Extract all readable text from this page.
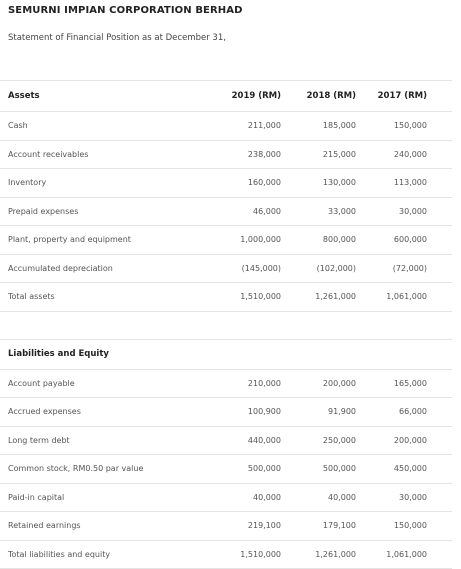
SEMURNI IMPIAN CORPORATION BERHAD
Statement of Financial Position as at December 31,
Assets	2019 (RM)	2018 (RM)	2017 (RM)
Cash	211,000	185,000	150,000
Account receivables	238,000	215,000	240,000
Inventory	160,000	130,000	113,000
Prepaid expenses	46,000	33,000	30,000
Plant, property and equipment	1,000,000	800,000	600,000
Accumulated depreciation	(145,000)	(102,000)	(72,000)
Total assets	1,510,000	1,261,000	1,061,000

Liabilities and Equity			
Account payable	210,000	200,000	165,000
Accrued expenses	100,900	91,900	66,000
Long term debt	440,000	250,000	200,000
Common stock, RM0.50 par value	500,000	500,000	450,000
Paid-in capital	40,000	40,000	30,000
Retained earnings	219,100	179,100	150,000
Total liabilities and equity	1,510,000	1,261,000	1,061,000
